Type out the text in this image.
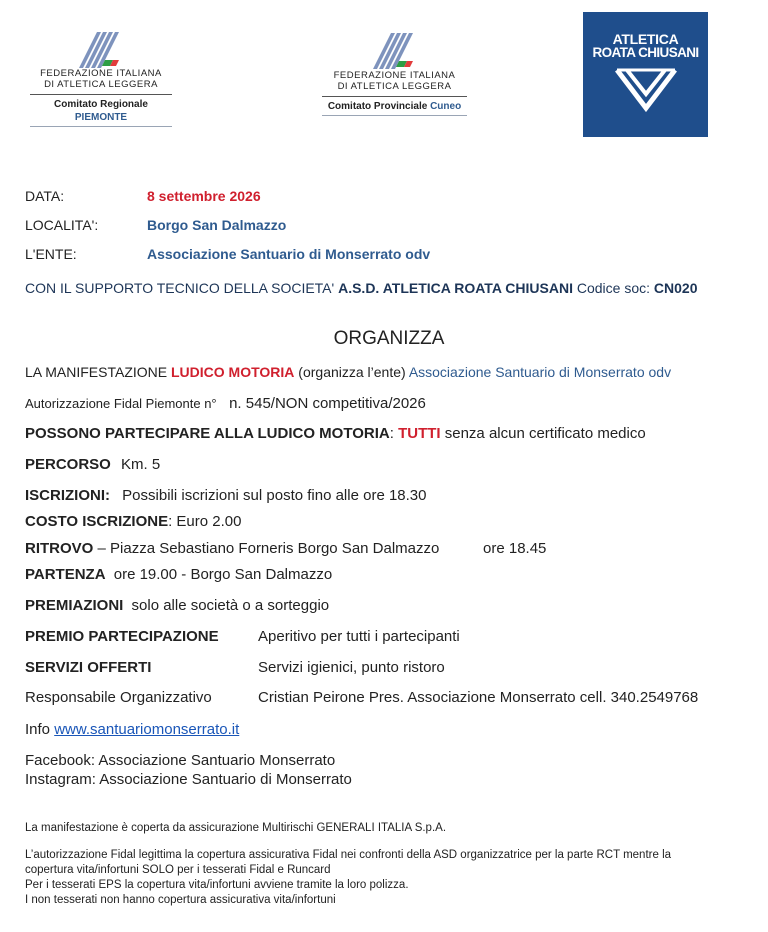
FEDERAZIONE ITALIANA
DI ATLETICA LEGGERA
Comitato Regionale PIEMONTE
FEDERAZIONE ITALIANA
DI ATLETICA LEGGERA
Comitato Provinciale Cuneo
ATLETICA
ROATA CHIUSANI
DATA:	8 settembre 2026
LOCALITA':	Borgo San Dalmazzo
L'ENTE:	Associazione Santuario di Monserrato odv
CON IL SUPPORTO TECNICO DELLA SOCIETA' A.S.D. ATLETICA ROATA CHIUSANI Codice soc: CN020
ORGANIZZA
LA MANIFESTAZIONE LUDICO MOTORIA (organizza l’ente) Associazione Santuario di Monserrato odv
Autorizzazione Fidal Piemonte n° n. 545/NON competitiva/2026
POSSONO PARTECIPARE ALLA LUDICO MOTORIA: TUTTI senza alcun certificato medico
PERCORSO Km. 5
ISCRIZIONI: Possibili iscrizioni sul posto fino alle ore 18.30
COSTO ISCRIZIONE: Euro 2.00
RITROVO – Piazza Sebastiano Forneris Borgo San Dalmazzo	ore 18.45
PARTENZA ore 19.00 - Borgo San Dalmazzo
PREMIAZIONI solo alle società o a sorteggio
PREMIO PARTECIPAZIONE	Aperitivo per tutti i partecipanti
SERVIZI OFFERTI	Servizi igienici, punto ristoro
Responsabile Organizzativo	Cristian Peirone Pres. Associazione Monserrato cell. 340.2549768
Info www.santuariomonserrato.it
Facebook: Associazione Santuario Monserrato
Instagram: Associazione Santuario di Monserrato
La manifestazione è coperta da assicurazione Multirischi GENERALI ITALIA S.p.A.
L’autorizzazione Fidal legittima la copertura assicurativa Fidal nei confronti della ASD organizzatrice per la parte RCT mentre la
copertura vita/infortuni SOLO per i tesserati Fidal e Runcard
Per i tesserati EPS la copertura vita/infortuni avviene tramite la loro polizza.
I non tesserati non hanno copertura assicurativa vita/infortuni
